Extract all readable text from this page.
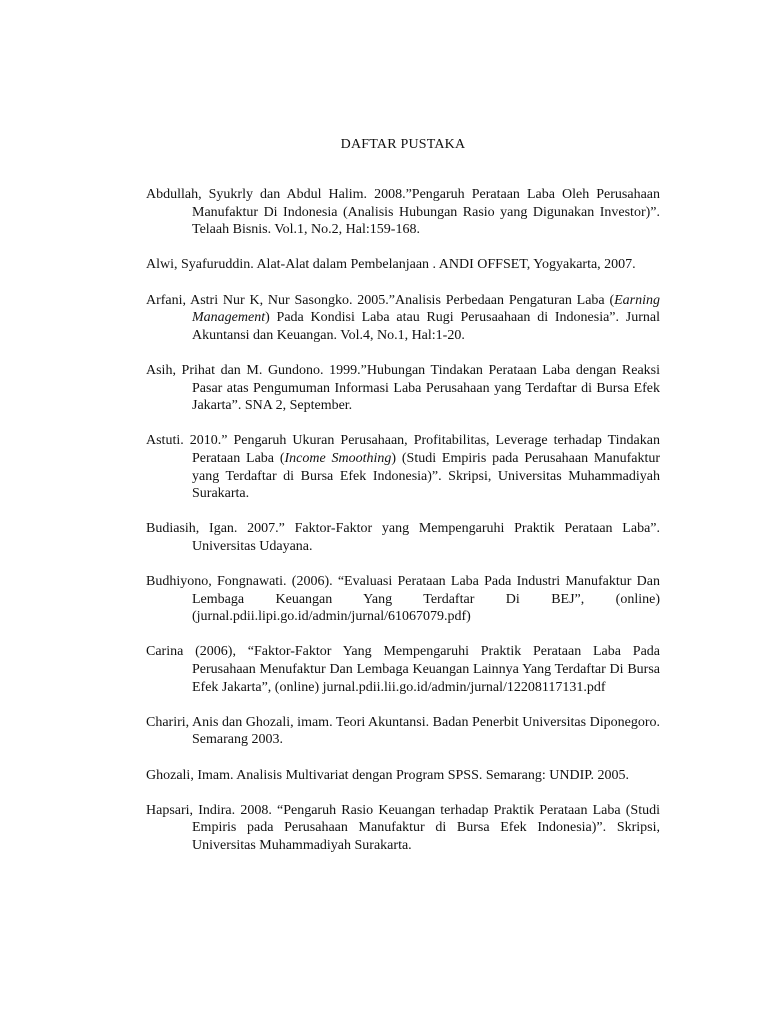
DAFTAR PUSTAKA
Abdullah, Syukrly dan Abdul Halim. 2008.”Pengaruh Perataan Laba Oleh Perusahaan Manufaktur Di Indonesia (Analisis Hubungan Rasio yang Digunakan Investor)”. Telaah Bisnis. Vol.1, No.2, Hal:159-168.
Alwi, Syafuruddin. Alat-Alat dalam Pembelanjaan . ANDI OFFSET, Yogyakarta, 2007.
Arfani, Astri Nur K, Nur Sasongko. 2005.”Analisis Perbedaan Pengaturan Laba (Earning Management) Pada Kondisi Laba atau Rugi Perusaahaan di Indonesia”. Jurnal Akuntansi dan Keuangan. Vol.4, No.1, Hal:1-20.
Asih, Prihat dan M. Gundono. 1999.”Hubungan Tindakan Perataan Laba dengan Reaksi Pasar atas Pengumuman Informasi Laba Perusahaan yang Terdaftar di Bursa Efek Jakarta”. SNA 2, September.
Astuti. 2010.” Pengaruh Ukuran Perusahaan, Profitabilitas, Leverage terhadap Tindakan Perataan Laba (Income Smoothing) (Studi Empiris pada Perusahaan Manufaktur yang Terdaftar di Bursa Efek Indonesia)”. Skripsi, Universitas Muhammadiyah Surakarta.
Budiasih, Igan. 2007.” Faktor-Faktor yang Mempengaruhi Praktik Perataan Laba”. Universitas Udayana.
Budhiyono, Fongnawati. (2006). “Evaluasi Perataan Laba Pada Industri Manufaktur Dan Lembaga Keuangan Yang Terdaftar Di BEJ”, (online) (jurnal.pdii.lipi.go.id/admin/jurnal/61067079.pdf)
Carina (2006), “Faktor-Faktor Yang Mempengaruhi Praktik Perataan Laba Pada Perusahaan Menufaktur Dan Lembaga Keuangan Lainnya Yang Terdaftar Di Bursa Efek Jakarta”, (online) jurnal.pdii.lii.go.id/admin/jurnal/12208117131.pdf
Chariri, Anis dan Ghozali, imam. Teori Akuntansi. Badan Penerbit Universitas Diponegoro. Semarang 2003.
Ghozali, Imam. Analisis Multivariat dengan Program SPSS. Semarang: UNDIP. 2005.
Hapsari, Indira. 2008. “Pengaruh Rasio Keuangan terhadap Praktik Perataan Laba (Studi Empiris pada Perusahaan Manufaktur di Bursa Efek Indonesia)”. Skripsi, Universitas Muhammadiyah Surakarta.
